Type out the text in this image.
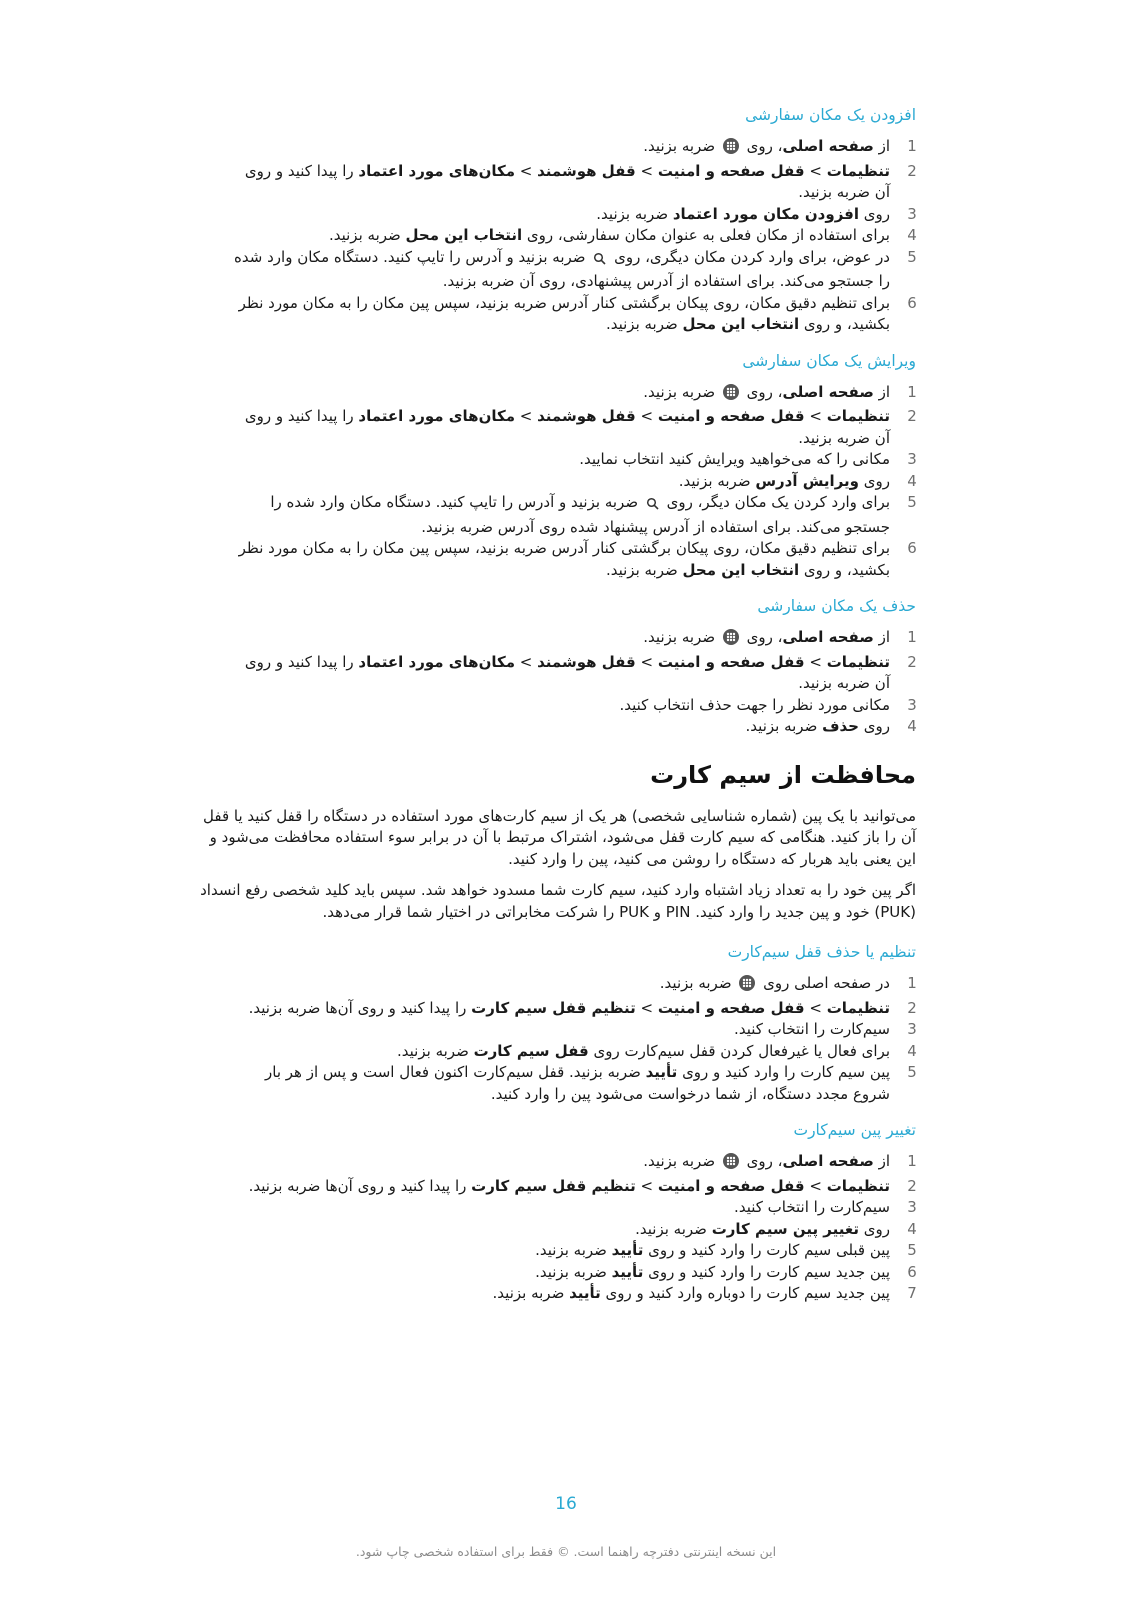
افزودن یک مکان سفارشی
1
از صفحه اصلی، روی  ضربه بزنید.
2
تنظیمات > قفل صفحه و امنیت > قفل هوشمند > مکان‌های مورد اعتماد را پیدا کنید و روی آن ضربه بزنید.
3
روی افزودن مکان مورد اعتماد ضربه بزنید.
4
برای استفاده از مکان فعلی به عنوان مکان سفارشی، روی انتخاب این محل ضربه بزنید.
5
در عوض، برای وارد کردن مکان دیگری، روی  ضربه بزنید و آدرس را تایپ کنید. دستگاه مکان وارد شده را جستجو می‌کند. برای استفاده از آدرس پیشنهادی، روی آن ضربه بزنید.
6
برای تنظیم دقیق مکان، روی پیکان برگشتی کنار آدرس ضربه بزنید، سپس پین مکان را به مکان مورد نظر بکشید، و روی انتخاب این محل ضربه بزنید.
ویرایش یک مکان سفارشی
1
از صفحه اصلی، روی  ضربه بزنید.
2
تنظیمات > قفل صفحه و امنیت > قفل هوشمند > مکان‌های مورد اعتماد را پیدا کنید و روی آن ضربه بزنید.
3
مکانی را که می‌خواهید ویرایش کنید انتخاب نمایید.
4
روی ویرایش آدرس ضربه بزنید.
5
برای وارد کردن یک مکان دیگر، روی  ضربه بزنید و آدرس را تایپ کنید. دستگاه مکان وارد شده را جستجو می‌کند. برای استفاده از آدرس پیشنهاد شده روی آدرس ضربه بزنید.
6
برای تنظیم دقیق مکان، روی پیکان برگشتی کنار آدرس ضربه بزنید، سپس پین مکان را به مکان مورد نظر بکشید، و روی انتخاب این محل ضربه بزنید.
حذف یک مکان سفارشی
1
از صفحه اصلی، روی  ضربه بزنید.
2
تنظیمات > قفل صفحه و امنیت > قفل هوشمند > مکان‌های مورد اعتماد را پیدا کنید و روی آن ضربه بزنید.
3
مکانی مورد نظر را جهت حذف انتخاب کنید.
4
روی حذف ضربه بزنید.
محافظت از سیم کارت

می‌توانید با یک پین (شماره شناسایی شخصی) هر یک از سیم کارت‌های مورد استفاده در دستگاه را قفل کنید یا قفل آن را باز کنید. هنگامی که سیم کارت قفل می‌شود، اشتراک مرتبط با آن در برابر سوء استفاده محافظت می‌شود و این یعنی باید هربار که دستگاه را روشن می کنید، پین را وارد کنید.

اگر پین خود را به تعداد زیاد اشتباه وارد کنید، سیم کارت شما مسدود خواهد شد. سپس باید کلید شخصی رفع انسداد (PUK) خود و پین جدید را وارد کنید. PIN و PUK را شرکت مخابراتی در اختیار شما قرار می‌دهد.

تنظیم یا حذف قفل سیم‌کارت
1
در صفحه اصلی روی  ضربه بزنید.
2
تنظیمات > قفل صفحه و امنیت > تنظیم قفل سیم کارت را پیدا کنید و روی آن‌ها ضربه بزنید.
3
سیم‌کارت را انتخاب کنید.
4
برای فعال یا غیرفعال کردن قفل سیم‌کارت روی قفل سیم کارت ضربه بزنید.
5
پین سیم کارت را وارد کنید و روی تأیید ضربه بزنید. قفل سیم‌کارت اکنون فعال است و پس از هر بار شروع مجدد دستگاه، از شما درخواست می‌شود پین را وارد کنید.
تغییر پین سیم‌کارت
1
از صفحه اصلی، روی  ضربه بزنید.
2
تنظیمات > قفل صفحه و امنیت > تنظیم قفل سیم کارت را پیدا کنید و روی آن‌ها ضربه بزنید.
3
سیم‌کارت را انتخاب کنید.
4
روی تغییر پین سیم کارت ضربه بزنید.
5
پین قبلی سیم کارت را وارد کنید و روی تأیید ضربه بزنید.
6
پین جدید سیم کارت را وارد کنید و روی تأیید ضربه بزنید.
7
پین جدید سیم کارت را دوباره وارد کنید و روی تأیید ضربه بزنید.
16
این نسخه اینترنتی دفترچه راهنما است. © فقط برای استفاده شخصی چاپ شود.
